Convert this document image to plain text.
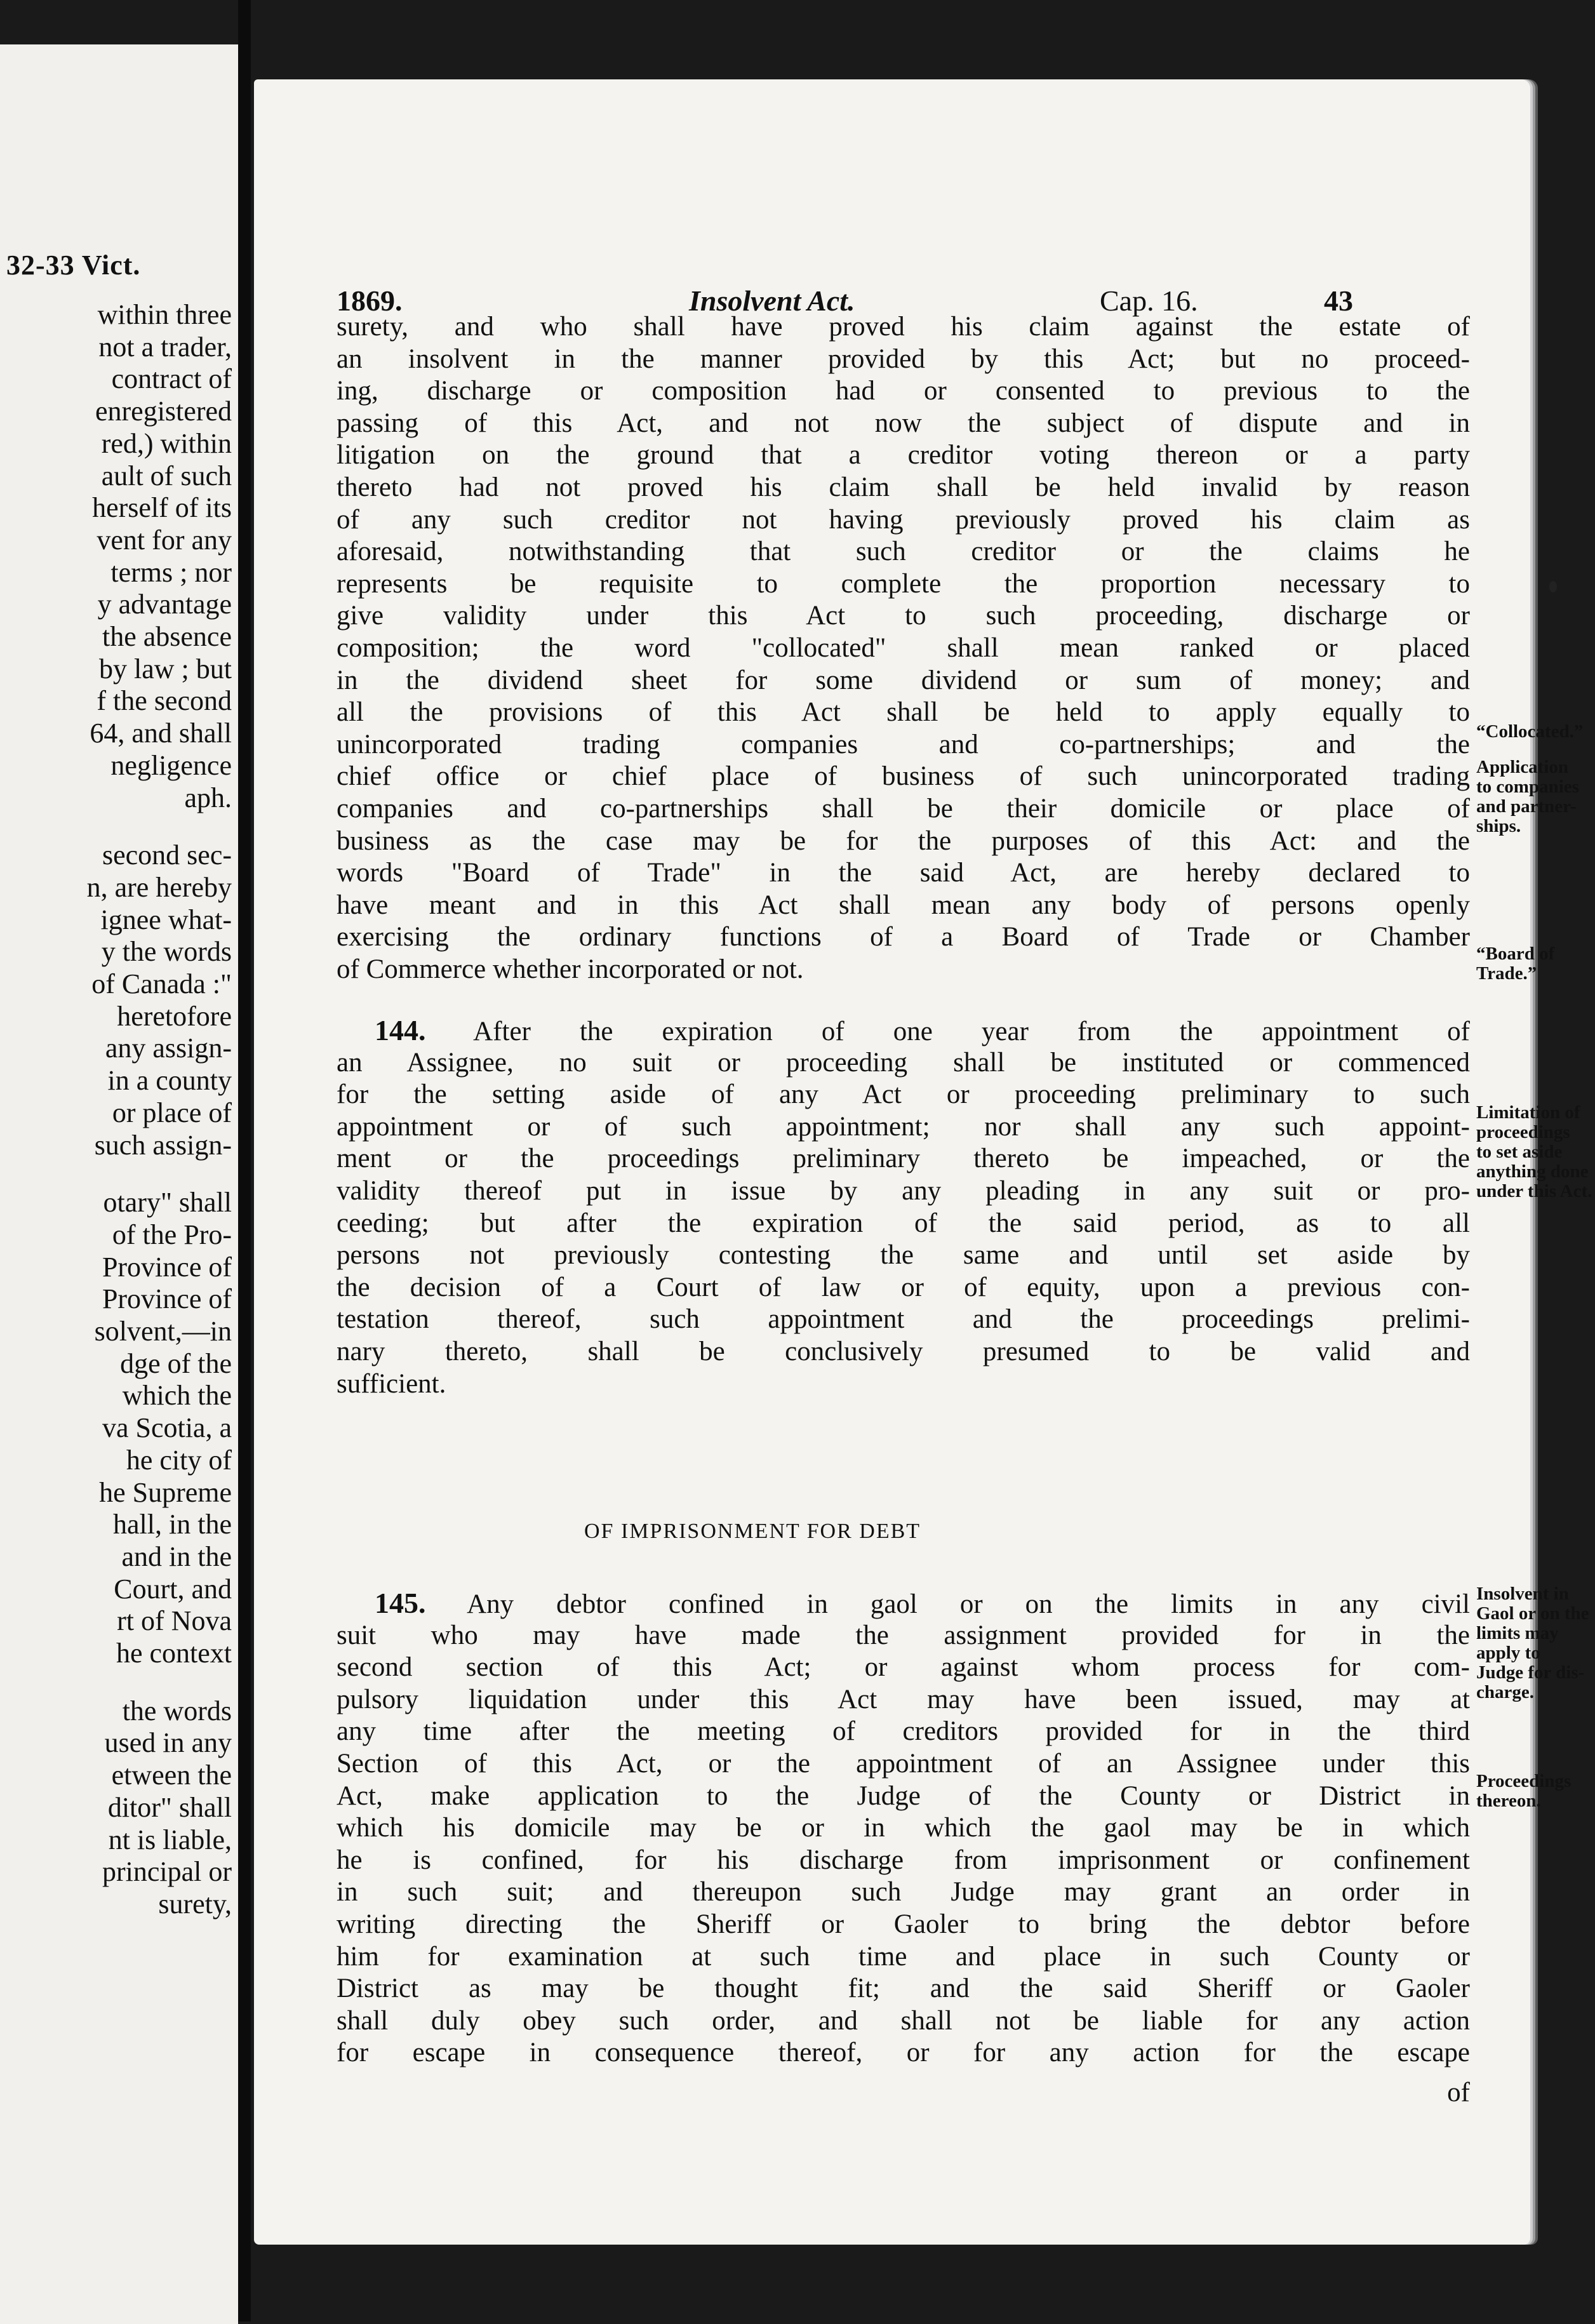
32-33 Vict.
within three
not a trader,
contract of
enregistered
red,) within
ault of such
herself of its
vent for any
terms ; nor
y advantage
the absence
by law ; but
f the second
64, and shall
negligence
aph.
second sec-
n, are hereby
ignee what-
y the words
of Canada :"
heretofore
any assign-
in a county
or place of
such assign-
otary" shall
of the Pro-
Province of
Province of
solvent,—in
dge of the
which the
va Scotia, a
he city of
he Supreme
hall, in the
and in the
Court, and
rt of Nova
he context
the words
used in any
etween the
ditor" shall
nt is liable,
principal or
surety,
1869.	Insolvent Act.	Cap. 16.	43
surety, and who shall have proved his claim against the estate of
an insolvent in the manner provided by this Act; but no proceed-
ing, discharge or composition had or consented to previous to the
passing of this Act, and not now the subject of dispute and in
litigation on the ground that a creditor voting thereon or a party
thereto had not proved his claim shall be held invalid by reason
of any such creditor not having previously proved his claim as
aforesaid, notwithstanding that such creditor or the claims he
represents be requisite to complete the proportion necessary to
give validity under this Act to such proceeding, discharge or
composition; the word "collocated" shall mean ranked or placed
in the dividend sheet for some dividend or sum of money; and
all the provisions of this Act shall be held to apply equally to
unincorporated trading companies and co-partnerships; and the
chief office or chief place of business of such unincorporated trading
companies and co-partnerships shall be their domicile or place of
business as the case may be for the purposes of this Act: and the
words "Board of Trade" in the said Act, are hereby declared to
have meant and in this Act shall mean any body of persons openly
exercising the ordinary functions of a Board of Trade or Chamber
of Commerce whether incorporated or not.
144. After the expiration of one year from the appointment of
an Assignee, no suit or proceeding shall be instituted or commenced
for the setting aside of any Act or proceeding preliminary to such
appointment or of such appointment; nor shall any such appoint-
ment or the proceedings preliminary thereto be impeached, or the
validity thereof put in issue by any pleading in any suit or pro-
ceeding; but after the expiration of the said period, as to all
persons not previously contesting the same and until set aside by
the decision of a Court of law or of equity, upon a previous con-
testation thereof, such appointment and the proceedings prelimi-
nary thereto, shall be conclusively presumed to be valid and
sufficient.
OF IMPRISONMENT FOR DEBT
145. Any debtor confined in gaol or on the limits in any civil
suit who may have made the assignment provided for in the
second section of this Act; or against whom process for com-
pulsory liquidation under this Act may have been issued, may at
any time after the meeting of creditors provided for in the third
Section of this Act, or the appointment of an Assignee under this
Act, make application to the Judge of the County or District in
which his domicile may be or in which the gaol may be in which
he is confined, for his discharge from imprisonment or confinement
in such suit; and thereupon such Judge may grant an order in
writing directing the Sheriff or Gaoler to bring the debtor before
him for examination at such time and place in such County or
District as may be thought fit; and the said Sheriff or Gaoler
shall duly obey such order, and shall not be liable for any action
for escape in consequence thereof, or for any action for the escape
of
“Collocated.”
Application
to companies
and partner-
ships.
“Board of
Trade.”
Limitation of
proceedings
to set aside
anything done
under this Act.
Insolvent in
Gaol or on the
limits may
apply to
Judge for dis-
charge.
Proceedings
thereon.
